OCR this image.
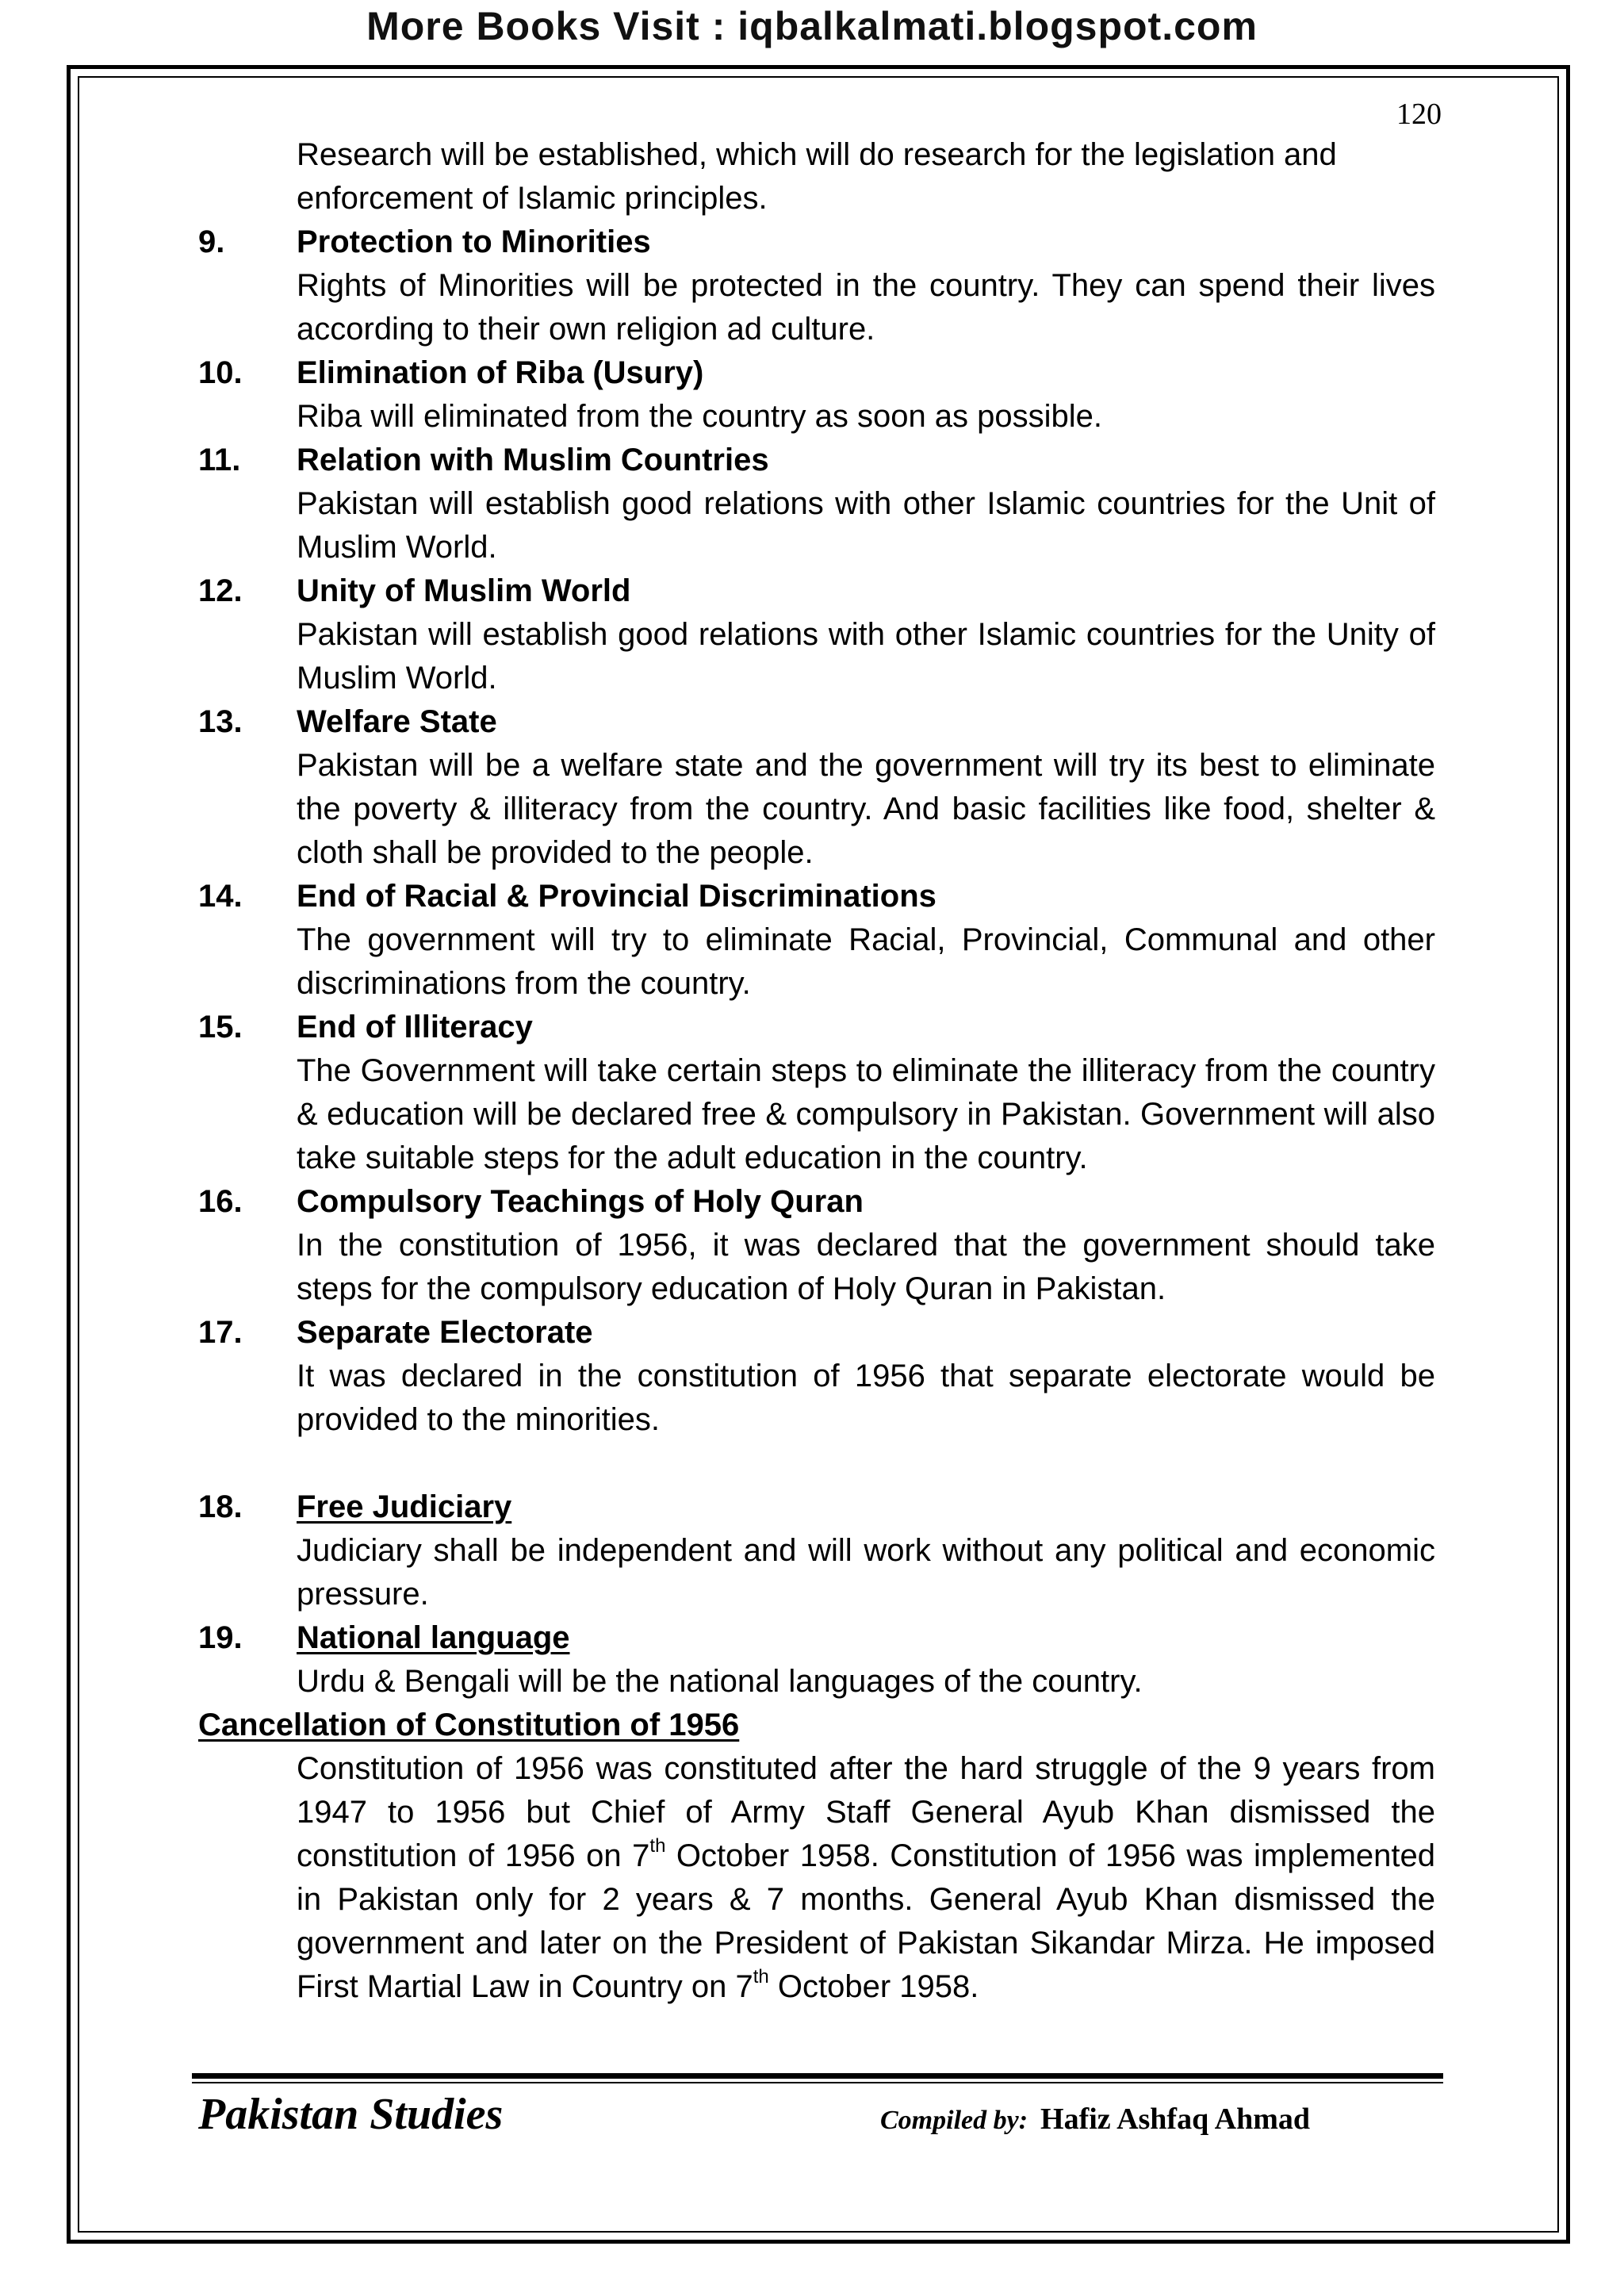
More Books Visit : iqbalkalmati.blogspot.com
120
Research will be established, which will do research for the legislation and
enforcement of Islamic principles.
9. Protection to Minorities
Rights of Minorities will be protected in the country. They can spend their lives according to their own religion ad culture.
10. Elimination of Riba (Usury)
Riba will eliminated from the country as soon as possible.
11. Relation with Muslim Countries
Pakistan will establish good relations with other Islamic countries for the Unit of Muslim World.
12. Unity of Muslim World
Pakistan will establish good relations with other Islamic countries for the Unity of Muslim World.
13. Welfare State
Pakistan will be a welfare state and the government will try its best to eliminate the poverty & illiteracy from the country. And basic facilities like food, shelter & cloth shall be provided to the people.
14. End of Racial & Provincial Discriminations
The government will try to eliminate Racial, Provincial, Communal and other discriminations from the country.
15. End of Illiteracy
The Government will take certain steps to eliminate the illiteracy from the country & education will be declared free & compulsory in Pakistan. Government will also take suitable steps for the adult education in the country.
16. Compulsory Teachings of Holy Quran
In the constitution of 1956, it was declared that the government should take steps for the compulsory education of Holy Quran in Pakistan.
17. Separate Electorate
It was declared in the constitution of 1956 that separate electorate would be provided to the minorities.
18. Free Judiciary
Judiciary shall be independent and will work without any political and economic pressure.
19. National language
Urdu & Bengali will be the national languages of the country.
Cancellation of Constitution of 1956
Constitution of 1956 was constituted after the hard struggle of the 9 years from 1947 to 1956 but Chief of Army Staff General Ayub Khan dismissed the constitution of 1956 on 7th October 1958. Constitution of 1956 was implemented in Pakistan only for 2 years & 7 months. General Ayub Khan dismissed the government and later on the President of Pakistan Sikandar Mirza. He imposed First Martial Law in Country on 7th October 1958.
Pakistan Studies	Compiled by: Hafiz Ashfaq Ahmad
